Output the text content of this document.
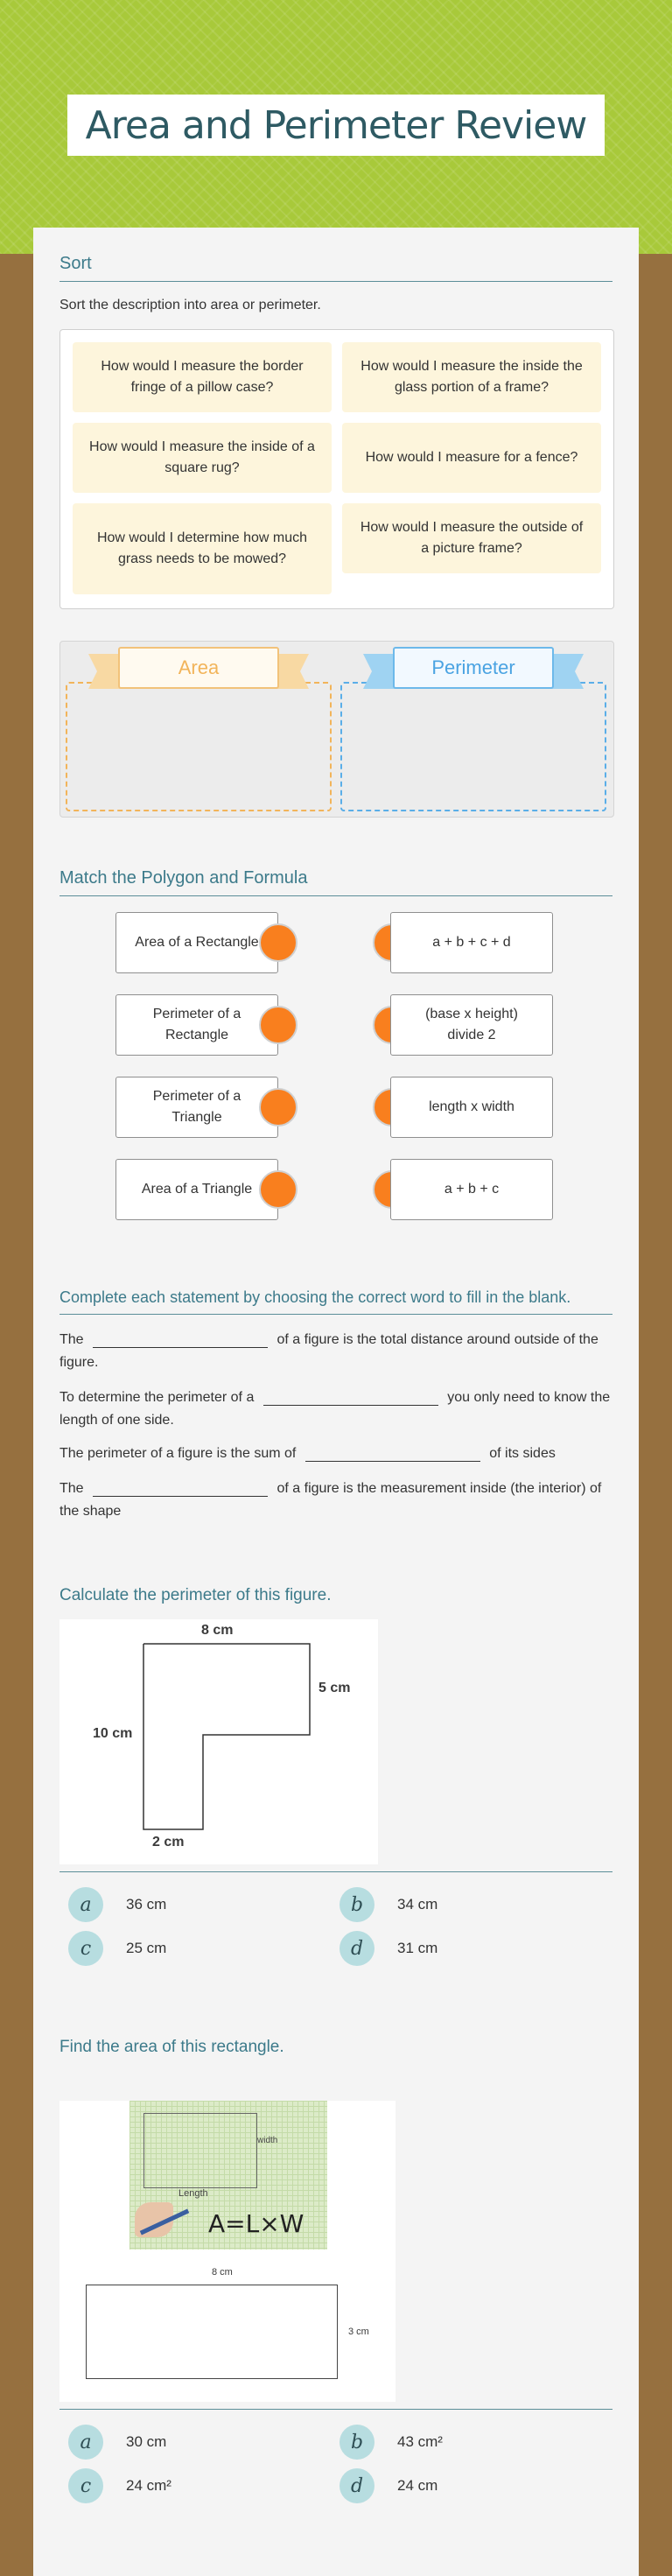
Area and Perimeter Review
Sort
Sort the description into area or perimeter.
How would I measure the border fringe of a pillow case?
How would I measure the inside the glass portion of a frame?
How would I measure the inside of a square rug?
How would I measure for a fence?
How would I determine how much grass needs to be mowed?
How would I measure the outside of a picture frame?
Area	Perimeter
Match the Polygon and Formula
Area of a Rectangle
Perimeter of a Rectangle
Perimeter of a Triangle
Area of a Triangle
a + b + c + d
(base x height) divide 2
length x width
a + b + c
Complete each statement by choosing the correct word to fill in the blank.
The	of a figure is the total distance around outside of the figure.
To determine the perimeter of a	you only need to know the length of one side.
The perimeter of a figure is the sum of	of its sides
The	of a figure is the measurement inside (the interior) of the shape
Calculate the perimeter of this figure.
8 cm
5 cm
10 cm
2 cm
a	36 cm	b	34 cm
c	25 cm	d	31 cm
Find the area of this rectangle.
width
Length
A=L×W
8 cm
3 cm
a	30 cm	b	43 cm²
c	24 cm²	d	24 cm
